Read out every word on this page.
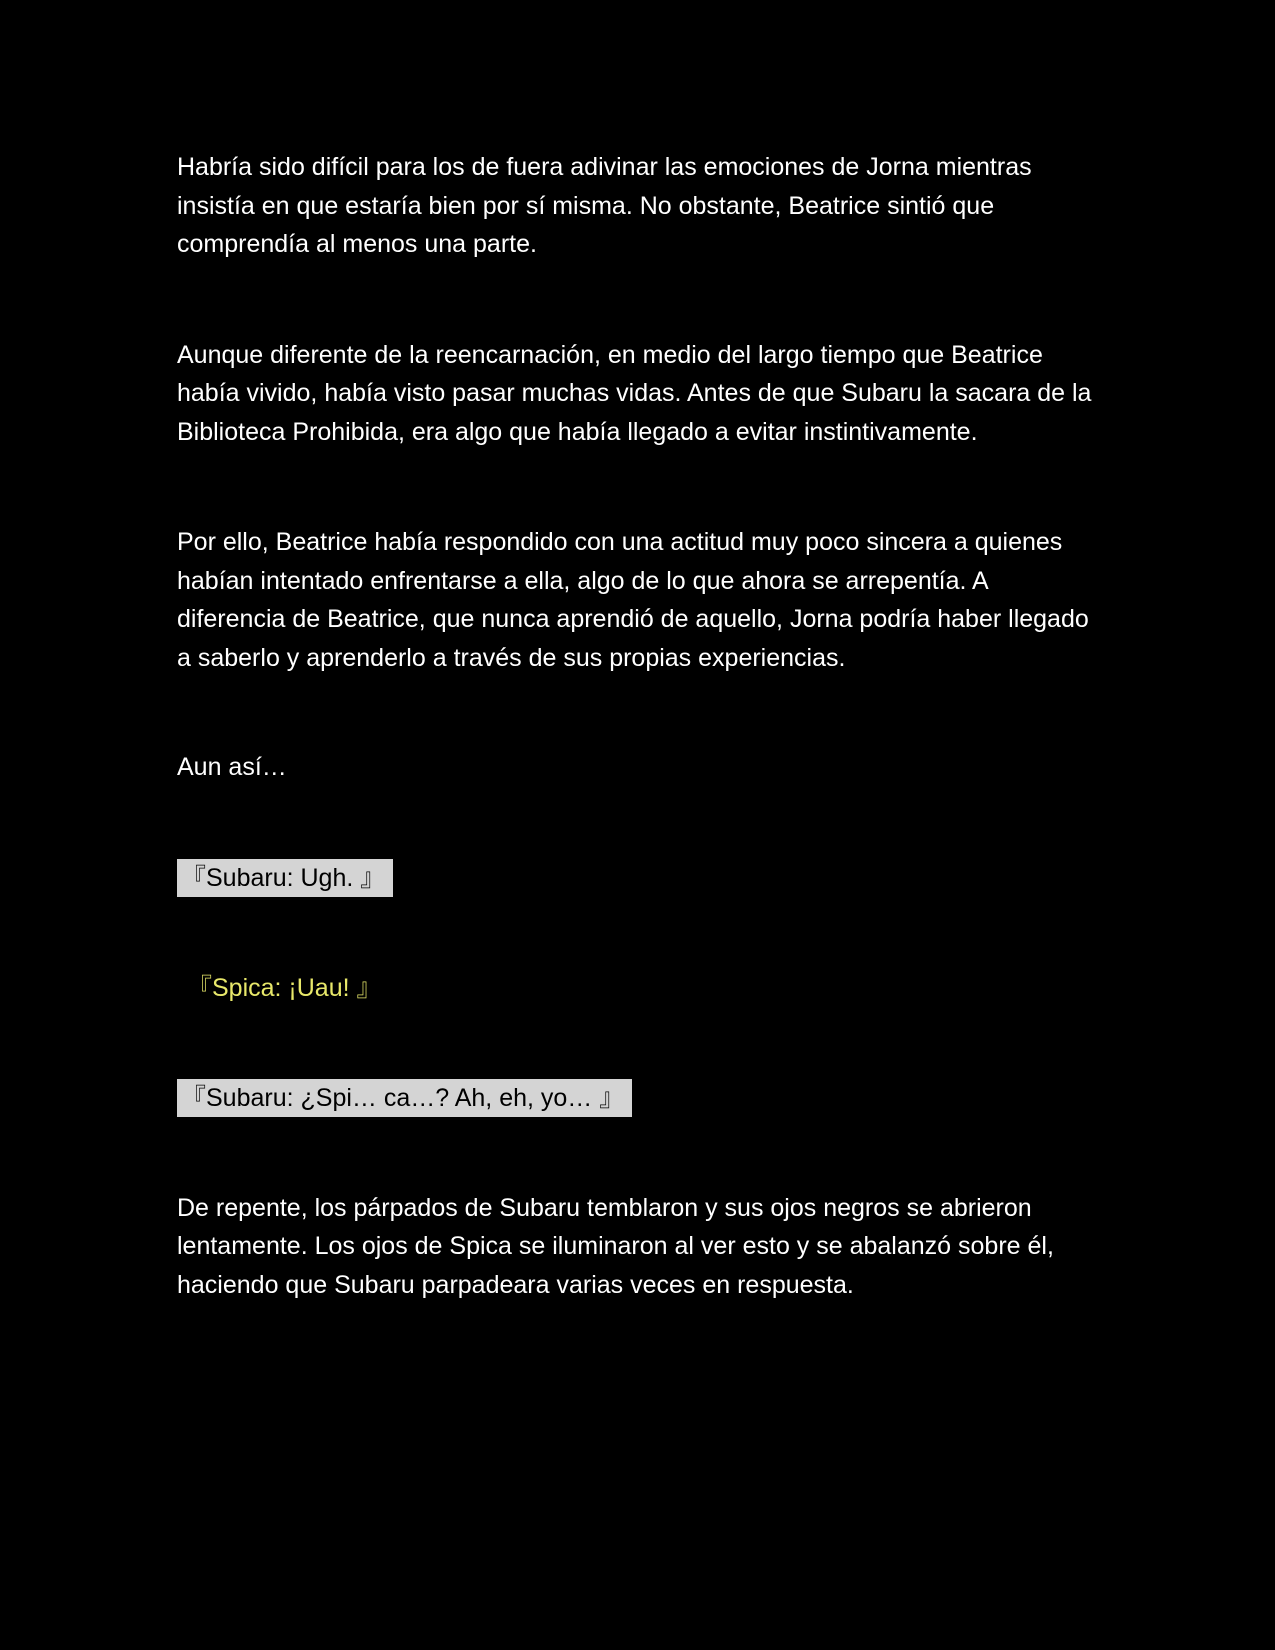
Habría sido difícil para los de fuera adivinar las emociones de Jorna mientras insistía en que estaría bien por sí misma. No obstante, Beatrice sintió que comprendía al menos una parte.

Aunque diferente de la reencarnación, en medio del largo tiempo que Beatrice había vivido, había visto pasar muchas vidas. Antes de que Subaru la sacara de la Biblioteca Prohibida, era algo que había llegado a evitar instintivamente.

Por ello, Beatrice había respondido con una actitud muy poco sincera a quienes habían intentado enfrentarse a ella, algo de lo que ahora se arrepentía. A diferencia de Beatrice, que nunca aprendió de aquello, Jorna podría haber llegado a saberlo y aprenderlo a través de sus propias experiencias.

Aun así…

『Subaru: Ugh. 』
『Spica: ¡Uau! 』
『Subaru: ¿Spi… ca…? Ah, eh, yo… 』

De repente, los párpados de Subaru temblaron y sus ojos negros se abrieron lentamente. Los ojos de Spica se iluminaron al ver esto y se abalanzó sobre él, haciendo que Subaru parpadeara varias veces en respuesta.
